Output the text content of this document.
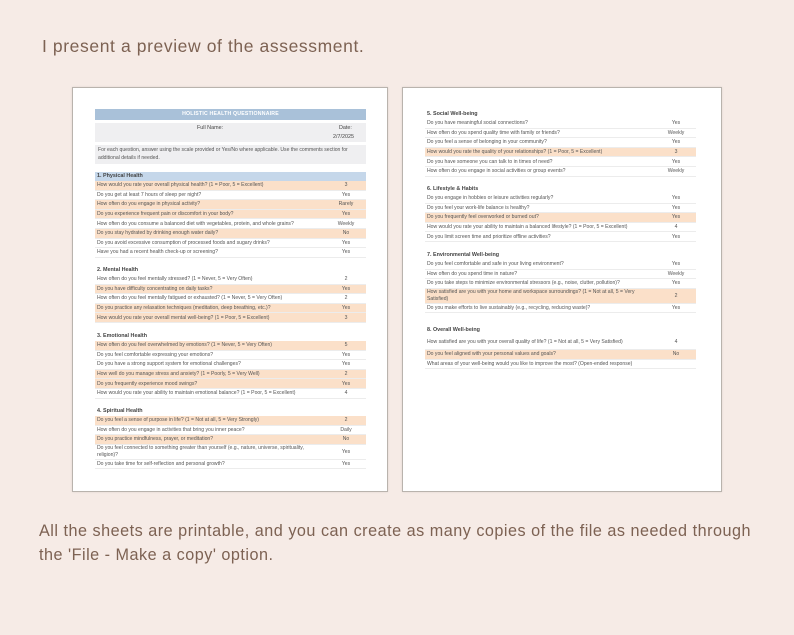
I present a preview of the assessment.
HOLISTIC HEALTH QUESTIONNAIRE
Full Name:	Date:
2/7/2025
For each question, answer using the scale provided or Yes/No where applicable. Use the comments section for additional details if needed.
1. Physical Health
How would you rate your overall physical health? (1 = Poor, 5 = Excellent)	3
Do you get at least 7 hours of sleep per night?	Yes
How often do you engage in physical activity?	Rarely
Do you experience frequent pain or discomfort in your body?	Yes
How often do you consume a balanced diet with vegetables, protein, and whole grains?	Weekly
Do you stay hydrated by drinking enough water daily?	No
Do you avoid excessive consumption of processed foods and sugary drinks?	Yes
Have you had a recent health check-up or screening?	Yes
2. Mental Health
How often do you feel mentally stressed? (1 = Never, 5 = Very Often)	2
Do you have difficulty concentrating on daily tasks?	Yes
How often do you feel mentally fatigued or exhausted? (1 = Never, 5 = Very Often)	2
Do you practice any relaxation techniques (meditation, deep breathing, etc.)?	Yes
How would you rate your overall mental well-being? (1 = Poor, 5 = Excellent)	3
3. Emotional Health
How often do you feel overwhelmed by emotions? (1 = Never, 5 = Very Often)	5
Do you feel comfortable expressing your emotions?	Yes
Do you have a strong support system for emotional challenges?	Yes
How well do you manage stress and anxiety? (1 = Poorly, 5 = Very Well)	2
Do you frequently experience mood swings?	Yes
How would you rate your ability to maintain emotional balance? (1 = Poor, 5 = Excellent)	4
4. Spiritual Health
Do you feel a sense of purpose in life? (1 = Not at all, 5 = Very Strongly)	2
How often do you engage in activities that bring you inner peace?	Daily
Do you practice mindfulness, prayer, or meditation?	No
Do you feel connected to something greater than yourself (e.g., nature, universe, spirituality, religion)?	Yes
Do you take time for self-reflection and personal growth?	Yes
5. Social Well-being
Do you have meaningful social connections?	Yes
How often do you spend quality time with family or friends?	Weekly
Do you feel a sense of belonging in your community?	Yes
How would you rate the quality of your relationships? (1 = Poor, 5 = Excellent)	3
Do you have someone you can talk to in times of need?	Yes
How often do you engage in social activities or group events?	Weekly
6. Lifestyle & Habits
Do you engage in hobbies or leisure activities regularly?	Yes
Do you feel your work-life balance is healthy?	Yes
Do you frequently feel overworked or burned out?	Yes
How would you rate your ability to maintain a balanced lifestyle? (1 = Poor, 5 = Excellent)	4
Do you limit screen time and prioritize offline activities?	Yes
7. Environmental Well-being
Do you feel comfortable and safe in your living environment?	Yes
How often do you spend time in nature?	Weekly
Do you take steps to minimize environmental stressors (e.g., noise, clutter, pollution)?	Yes
How satisfied are you with your home and workspace surroundings? (1 = Not at all, 5 = Very Satisfied)	2
Do you make efforts to live sustainably (e.g., recycling, reducing waste)?	Yes
8. Overall Well-being
How satisfied are you with your overall quality of life? (1 = Not at all, 5 = Very Satisfied)	4
Do you feel aligned with your personal values and goals?	No
What areas of your well-being would you like to improve the most? (Open-ended response)
All the sheets are printable, and you can create as many copies of the file as needed through the 'File - Make a copy' option.
